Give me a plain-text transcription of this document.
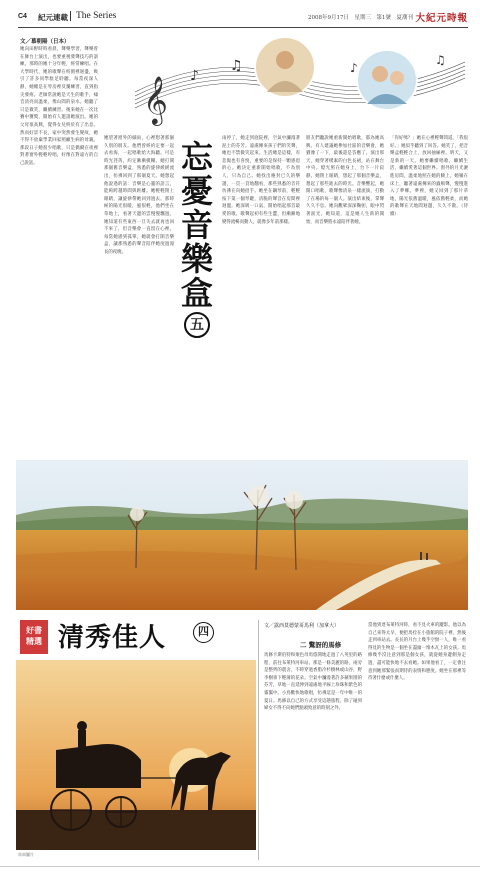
C4 紀元連載 The Series	2008年9月17日　星期三　第1號　夏潮刊 大紀元時報
文／慕朝陽（日本）
𝄞 ♪
♫	♪
♫
她向田野時時看晨，聲樂學習，聲樂曾在舞台上演出，也要重視發聲技巧的訓練。那時的她十分年輕，經常練唱。在大學時代，她的歌聲在校園裡迴盪，吸引了許多同學駐足聆聽。每當夜深人靜，她總是在琴房裡反覆練習，直到指尖發疼。老師常說她是天生的歌手，嗓音清亮而溫柔，像山間的泉水。她聽了只是微笑，繼續練習。後來她在一次比賽中獲獎，開始有人邀請她演出。她的父母很高興，覺得女兒終於有了出息。然而好景不長，家中突然發生變故，她不得不放棄學業回家照顧生病的母親。那段日子她很少唱歌，只是偶爾在夜裡對著窗外輕輕哼唱，好像在對遠方的自己說話。
她望著窗外的細雨，心裡想著那個久別的朋友。他們曾經約定要一起去看海，一起唱歌給大海聽。可是時光荏苒，約定漸漸模糊。她打開那個舊音樂盒，熟悉的旋律緩緩流出，彷彿回到了那個夏天。她想起他說過的話：音樂是心靈的語言，能夠跨越時間與距離。她輕輕閉上眼睛，讓旋律帶她回到過去。那時候的陽光很暖，風很輕，他們坐在草地上，看著天邊的雲慢慢飄過。她知道有些東西一旦失去就再也回不來了，但音樂會一直留在心裡。每當她感到孤單，她就會打開音樂盒，讓那熟悉的聲音陪伴她度過漫長的夜晚。	忘憂音樂盒
五
雨停了，她走到庭院裡，空氣中瀰漫著泥土的芬芳。遠處傳來孩子們的笑聲，她也不禁微笑起來。生活總是這樣，有悲傷也有喜悅，重要的是保持一顆感恩的心。她決定重新開始唱歌，不為別人，只為自己。她找出塵封已久的樂譜，一頁一頁地翻看，那些熟悉的音符彷彿在向她招手。她坐在鋼琴前，輕輕按下第一個琴鍵，清脆的聲音在房間裡迴盪。她深吸一口氣，開始唱起那首最愛的歌。歌聲起初有些生澀，但漸漸地變得流暢而動人，就像多年前那樣。
朋友們聽說她重新開始唱歌，都為她高興。有人建議她參加社區的音樂會，她猶豫了一下，最後還是答應了。演出那天，她穿著樸素的白色長裙，站在舞台中央。燈光照在她身上，台下一片寂靜。她閉上眼睛，想起了那個音樂盒，想起了那些逝去的時光。音樂響起，她開口唱歌，歌聲像清泉一樣流淌，打動了在場的每一個人。演出結束後，掌聲久久不息。她向觀眾深深鞠躬，眼中閃著淚光。她知道，這是她人生新的開始，而音樂將永遠陪伴著她。
「你好嗎？」她在心裡輕聲問道。「我很好。」她似乎聽到了回答。她笑了，把音樂盒輕輕合上，放回抽屜裡。明天，又是新的一天。她要繼續唱歌，繼續生活，繼續愛著這個世界。窗外的月光灑進房間，溫柔地照在她的臉上。她躺在床上，聽著遠處傳來的蟲鳴聲，慢慢進入了夢鄉。夢裡，她又回到了那片草地，陽光依舊溫暖，風依舊輕柔，而她的歌聲在天地間迴盪，久久不散。（待續）
好書
精選 清秀佳人	四
馬車圖片
文／露西莫德蒙哥馬利（加拿大）
二 驚訝的馬修
馬修卡斯伯特和栗色母馬悠閒地走過了八英里的路程，前往布萊特河車站。那是一條美麗的路，兩旁是整齊的農舍，不時穿過香脂冷杉樹林或山谷，野李樹垂下輕薄的花朵。空氣中瀰漫著許多蘋果園的芬芳，草地一直延伸到遠處地平線上珍珠和紫色的霧靄中。小鳥歡快地歌唱，彷彿這是一年中唯一的夏日。馬修以自己的方式享受這趟旅程，除了碰到婦女不得不向她們點頭致意的時刻之外。
當他到達布萊特河時，看不見火車的蹤影。他以為自己來得太早，便把馬拴在小旅館的院子裡，然後走到車站去。長長的月台上幾乎空無一人，唯一看得見的生物是一個坐在盡頭一堆木瓦上的女孩。馬修幾乎沒注意到那是個女孩，就從她身邊側身走過，盡可能快地不去看她。如果他看了，一定會注意到她那緊張而期待的表情和態度。她坐在那裡等待著什麼或什麼人。
